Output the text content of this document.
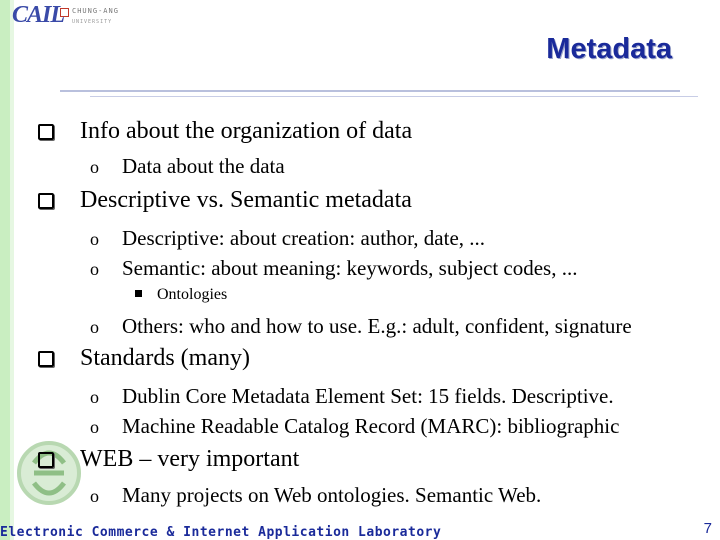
CAIL CHUNG-ANG
UNIVERSITY
Metadata
Info about the organization of data
o Data about the data
Descriptive vs. Semantic metadata
o Descriptive: about creation: author, date, ...
o Semantic: about meaning: keywords, subject codes, ...
Ontologies
o Others: who and how to use. E.g.: adult, confident, signature
Standards (many)
o Dublin Core Metadata Element Set: 15 fields. Descriptive.
o Machine Readable Catalog Record (MARC): bibliographic
WEB – very important
o Many projects on Web ontologies. Semantic Web.
Electronic Commerce & Internet Application Laboratory	7
